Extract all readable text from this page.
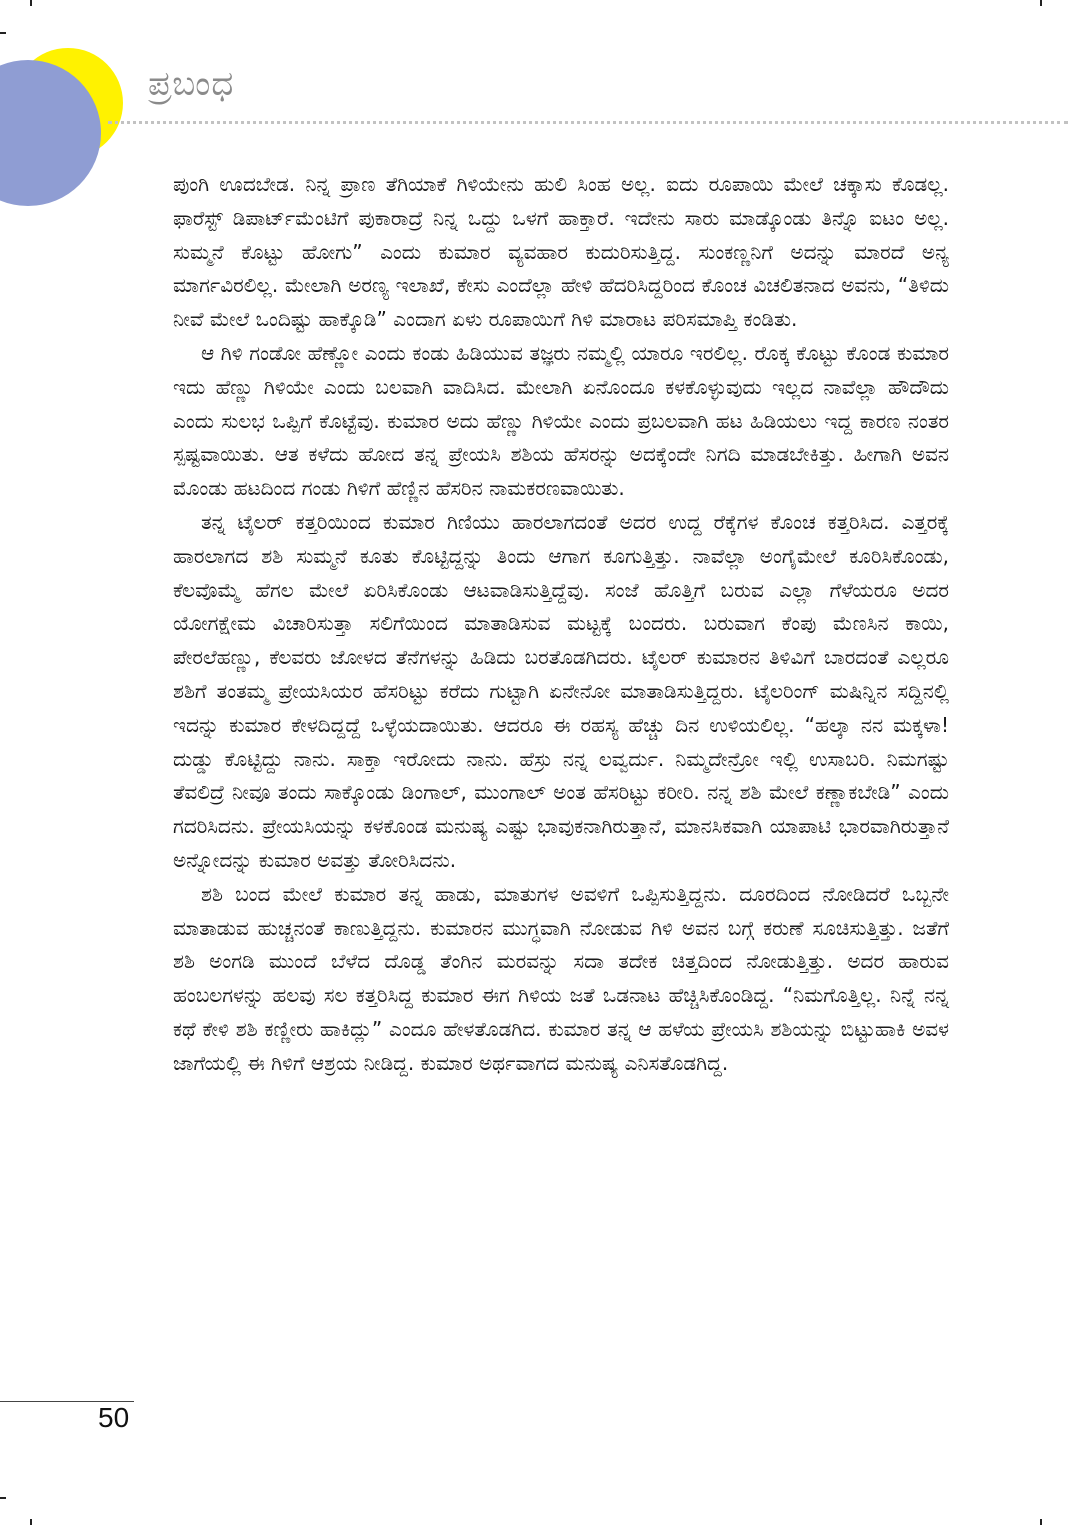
ಪ್ರಬಂಧ

ಪುಂಗಿ ಊದಬೇಡ. ನಿನ್ನ ಪ್ರಾಣ ತೆಗಿಯಾಕೆ ಗಿಳಿಯೇನು ಹುಲಿ ಸಿಂಹ ಅಲ್ಲ. ಐದು ರೂಪಾಯಿ ಮೇಲೆ ಚಕ್ಕಾಸು ಕೊಡಲ್ಲ. ಫಾರೆಸ್ಟ್ ಡಿಪಾರ್ಟ್‌ಮೆಂಟಿಗೆ ಪುಕಾರಾದ್ರೆ ನಿನ್ನ ಒದ್ದು ಒಳಗೆ ಹಾಕ್ತಾರೆ. ಇದೇನು ಸಾರು ಮಾಡ್ಕೊಂಡು ತಿನ್ನೊ ಐಟಂ ಅಲ್ಲ. ಸುಮ್ಮನೆ ಕೊಟ್ಟು ಹೋಗು” ಎಂದು ಕುಮಾರ ವ್ಯವಹಾರ ಕುದುರಿಸುತ್ತಿದ್ದ. ಸುಂಕಣ್ಣನಿಗೆ ಅದನ್ನು ಮಾರದೆ ಅನ್ಯ ಮಾರ್ಗವಿರಲಿಲ್ಲ. ಮೇಲಾಗಿ ಅರಣ್ಯ ಇಲಾಖೆ, ಕೇಸು ಎಂದೆಲ್ಲಾ ಹೇಳಿ ಹೆದರಿಸಿದ್ದರಿಂದ ಕೊಂಚ ವಿಚಲಿತನಾದ ಅವನು, “ತಿಳಿದು ನೀವೆ ಮೇಲೆ ಒಂದಿಷ್ಟು ಹಾಕ್ಕೊಡಿ” ಎಂದಾಗ ಏಳು ರೂಪಾಯಿಗೆ ಗಿಳಿ ಮಾರಾಟ ಪರಿಸಮಾಪ್ತಿ ಕಂಡಿತು.

ಆ ಗಿಳಿ ಗಂಡೋ ಹೆಣ್ಣೋ ಎಂದು ಕಂಡು ಹಿಡಿಯುವ ತಜ್ಞರು ನಮ್ಮಲ್ಲಿ ಯಾರೂ ಇರಲಿಲ್ಲ. ರೊಕ್ಕ ಕೊಟ್ಟು ಕೊಂಡ ಕುಮಾರ ಇದು ಹೆಣ್ಣು ಗಿಳಿಯೇ ಎಂದು ಬಲವಾಗಿ ವಾದಿಸಿದ. ಮೇಲಾಗಿ ಏನೊಂದೂ ಕಳಕೊಳ್ಳುವುದು ಇಲ್ಲದ ನಾವೆಲ್ಲಾ ಹೌದೌದು ಎಂದು ಸುಲಭ ಒಪ್ಪಿಗೆ ಕೊಟ್ಟೆವು. ಕುಮಾರ ಅದು ಹೆಣ್ಣು ಗಿಳಿಯೇ ಎಂದು ಪ್ರಬಲವಾಗಿ ಹಟ ಹಿಡಿಯಲು ಇದ್ದ ಕಾರಣ ನಂತರ ಸ್ಪಷ್ಟವಾಯಿತು. ಆತ ಕಳೆದು ಹೋದ ತನ್ನ ಪ್ರೇಯಸಿ ಶಶಿಯ ಹೆಸರನ್ನು ಅದಕ್ಕೆಂದೇ ನಿಗದಿ ಮಾಡಬೇಕಿತ್ತು. ಹೀಗಾಗಿ ಅವನ ಮೊಂಡು ಹಟದಿಂದ ಗಂಡು ಗಿಳಿಗೆ ಹೆಣ್ಣಿನ ಹೆಸರಿನ ನಾಮಕರಣವಾಯಿತು.

ತನ್ನ ಟೈಲರ್ ಕತ್ತರಿಯಿಂದ ಕುಮಾರ ಗಿಣಿಯು ಹಾರಲಾಗದಂತೆ ಅದರ ಉದ್ದ ರೆಕ್ಕೆಗಳ ಕೊಂಚ ಕತ್ತರಿಸಿದ. ಎತ್ತರಕ್ಕೆ ಹಾರಲಾಗದ ಶಶಿ ಸುಮ್ಮನೆ ಕೂತು ಕೊಟ್ಟಿದ್ದನ್ನು ತಿಂದು ಆಗಾಗ ಕೂಗುತ್ತಿತ್ತು. ನಾವೆಲ್ಲಾ ಅಂಗೈಮೇಲೆ ಕೂರಿಸಿಕೊಂಡು, ಕೆಲವೊಮ್ಮೆ ಹೆಗಲ ಮೇಲೆ ಏರಿಸಿಕೊಂಡು ಆಟವಾಡಿಸುತ್ತಿದ್ದೆವು. ಸಂಜೆ ಹೊತ್ತಿಗೆ ಬರುವ ಎಲ್ಲಾ ಗೆಳೆಯರೂ ಅದರ ಯೋಗಕ್ಷೇಮ ವಿಚಾರಿಸುತ್ತಾ ಸಲಿಗೆಯಿಂದ ಮಾತಾಡಿಸುವ ಮಟ್ಟಕ್ಕೆ ಬಂದರು. ಬರುವಾಗ ಕೆಂಪು ಮೆಣಸಿನ ಕಾಯಿ, ಪೇರಲೆಹಣ್ಣು, ಕೆಲವರು ಜೋಳದ ತೆನೆಗಳನ್ನು ಹಿಡಿದು ಬರತೊಡಗಿದರು. ಟೈಲರ್ ಕುಮಾರನ ತಿಳಿವಿಗೆ ಬಾರದಂತೆ ಎಲ್ಲರೂ ಶಶಿಗೆ ತಂತಮ್ಮ ಪ್ರೇಯಸಿಯರ ಹೆಸರಿಟ್ಟು ಕರೆದು ಗುಟ್ಟಾಗಿ ಏನೇನೋ ಮಾತಾಡಿಸುತ್ತಿದ್ದರು. ಟೈಲರಿಂಗ್ ಮಷಿನ್ನಿನ ಸದ್ದಿನಲ್ಲಿ ಇದನ್ನು ಕುಮಾರ ಕೇಳದಿದ್ದದ್ದೆ ಒಳ್ಳೆಯದಾಯಿತು. ಆದರೂ ಈ ರಹಸ್ಯ ಹೆಚ್ಚು ದಿನ ಉಳಿಯಲಿಲ್ಲ. “ಹಲ್ಕಾ ನನ ಮಕ್ಕಳಾ! ದುಡ್ಡು ಕೊಟ್ಟಿದ್ದು ನಾನು. ಸಾಕ್ತಾ ಇರೋದು ನಾನು. ಹೆಸ್ರು ನನ್ನ ಲವ್ವರ್ದು. ನಿಮ್ಮದೇನ್ರೋ ಇಲ್ಲಿ ಉಸಾಬರಿ. ನಿಮಗಷ್ಟು ತೆವಲಿದ್ರೆ ನೀವೂ ತಂದು ಸಾಕ್ಕೊಂಡು ಡಿಂಗಾಲ್, ಮುಂಗಾಲ್ ಅಂತ ಹೆಸರಿಟ್ಟು ಕರೀರಿ. ನನ್ನ ಶಶಿ ಮೇಲೆ ಕಣ್ಣಾಕಬೇಡಿ” ಎಂದು ಗದರಿಸಿದನು. ಪ್ರೇಯಸಿಯನ್ನು ಕಳಕೊಂಡ ಮನುಷ್ಯ ಎಷ್ಟು ಭಾವುಕನಾಗಿರುತ್ತಾನೆ, ಮಾನಸಿಕವಾಗಿ ಯಾಪಾಟಿ ಭಾರವಾಗಿರುತ್ತಾನೆ ಅನ್ನೋದನ್ನು ಕುಮಾರ ಅವತ್ತು ತೋರಿಸಿದನು.

ಶಶಿ ಬಂದ ಮೇಲೆ ಕುಮಾರ ತನ್ನ ಹಾಡು, ಮಾತುಗಳ ಅವಳಿಗೆ ಒಪ್ಪಿಸುತ್ತಿದ್ದನು. ದೂರದಿಂದ ನೋಡಿದರೆ ಒಬ್ಬನೇ ಮಾತಾಡುವ ಹುಚ್ಚನಂತೆ ಕಾಣುತ್ತಿದ್ದನು. ಕುಮಾರನ ಮುಗ್ಧವಾಗಿ ನೋಡುವ ಗಿಳಿ ಅವನ ಬಗ್ಗೆ ಕರುಣೆ ಸೂಚಿಸುತ್ತಿತ್ತು. ಜತೆಗೆ ಶಶಿ ಅಂಗಡಿ ಮುಂದೆ ಬೆಳೆದ ದೊಡ್ಡ ತೆಂಗಿನ ಮರವನ್ನು ಸದಾ ತದೇಕ ಚಿತ್ತದಿಂದ ನೋಡುತ್ತಿತ್ತು. ಅದರ ಹಾರುವ ಹಂಬಲಗಳನ್ನು ಹಲವು ಸಲ ಕತ್ತರಿಸಿದ್ದ ಕುಮಾರ ಈಗ ಗಿಳಿಯ ಜತೆ ಒಡನಾಟ ಹೆಚ್ಚಿಸಿಕೊಂಡಿದ್ದ. “ನಿಮಗೊತ್ತಿಲ್ಲ. ನಿನ್ನೆ ನನ್ನ ಕಥೆ ಕೇಳಿ ಶಶಿ ಕಣ್ಣೀರು ಹಾಕಿದ್ಲು” ಎಂದೂ ಹೇಳತೊಡಗಿದ. ಕುಮಾರ ತನ್ನ ಆ ಹಳೆಯ ಪ್ರೇಯಸಿ ಶಶಿಯನ್ನು ಬಿಟ್ಟುಹಾಕಿ ಅವಳ ಜಾಗೆಯಲ್ಲಿ ಈ ಗಿಳಿಗೆ ಆಶ್ರಯ ನೀಡಿದ್ದ. ಕುಮಾರ ಅರ್ಥವಾಗದ ಮನುಷ್ಯ ಎನಿಸತೊಡಗಿದ್ದ.

50
